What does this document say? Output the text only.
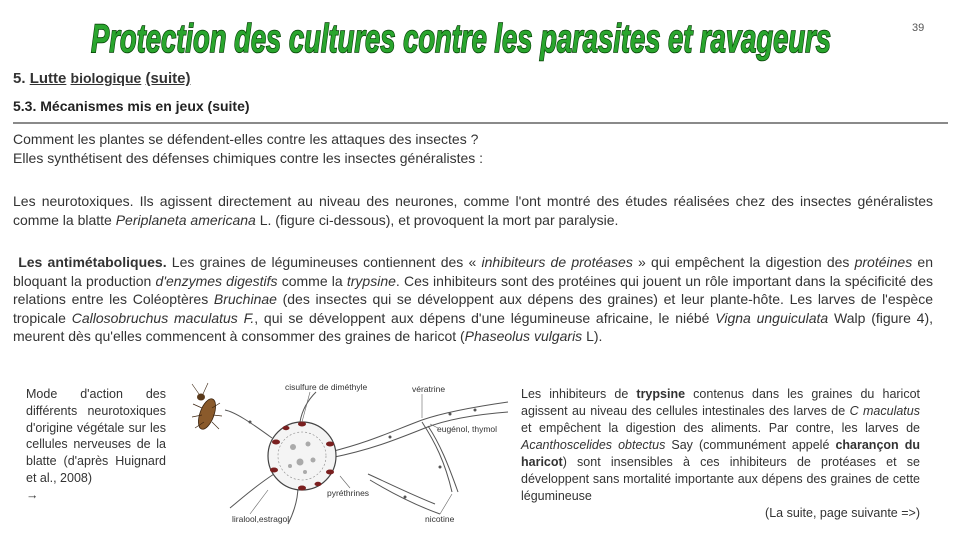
Protection des cultures contre les parasites et ravageurs	39
5. Lutte biologique (suite)
5.3. Mécanismes mis en jeux (suite)
Comment les plantes se défendent-elles contre les attaques des insectes ?
Elles synthétisent des défenses chimiques contre les insectes généralistes :
Les neurotoxiques. Ils agissent directement au niveau des neurones, comme l'ont montré des études réalisées chez des insectes généralistes comme la blatte Periplaneta americana L. (figure ci-dessous), et provoquent la mort par paralysie.
Les antimétaboliques. Les graines de légumineuses contiennent des « inhibiteurs de protéases » qui empêchent la digestion des protéines en bloquant la production d'enzymes digestifs comme la trypsine. Ces inhibiteurs sont des protéines qui jouent un rôle important dans la spécificité des relations entre les Coléoptères Bruchinae (des insectes qui se développent aux dépens des graines) et leur plante-hôte. Les larves de l'espèce tropicale Callosobruchus maculatus F., qui se développent aux dépens d'une légumineuse africaine, le niébé Vigna unguiculata Walp (figure 4), meurent dès qu'elles commencent à consommer des graines de haricot (Phaseolus vulgaris L).
Mode d'action des différents neurotoxiques d'origine végétale sur les cellules nerveuses de la blatte (d'après Huignard et al., 2008)
→
cisulfure de diméthyle	vératrine
eugénol, thymol
pyréthrines
liralool,estragol	nicotine
Les inhibiteurs de trypsine contenus dans les graines du haricot agissent au niveau des cellules intestinales des larves de C maculatus et empêchent la digestion des aliments. Par contre, les larves de Acanthoscelides obtectus Say (communément appelé charançon du haricot) sont insensibles à ces inhibiteurs de protéases et se développent sans mortalité importante aux dépens des graines de cette légumineuse
(La suite, page suivante =>)
